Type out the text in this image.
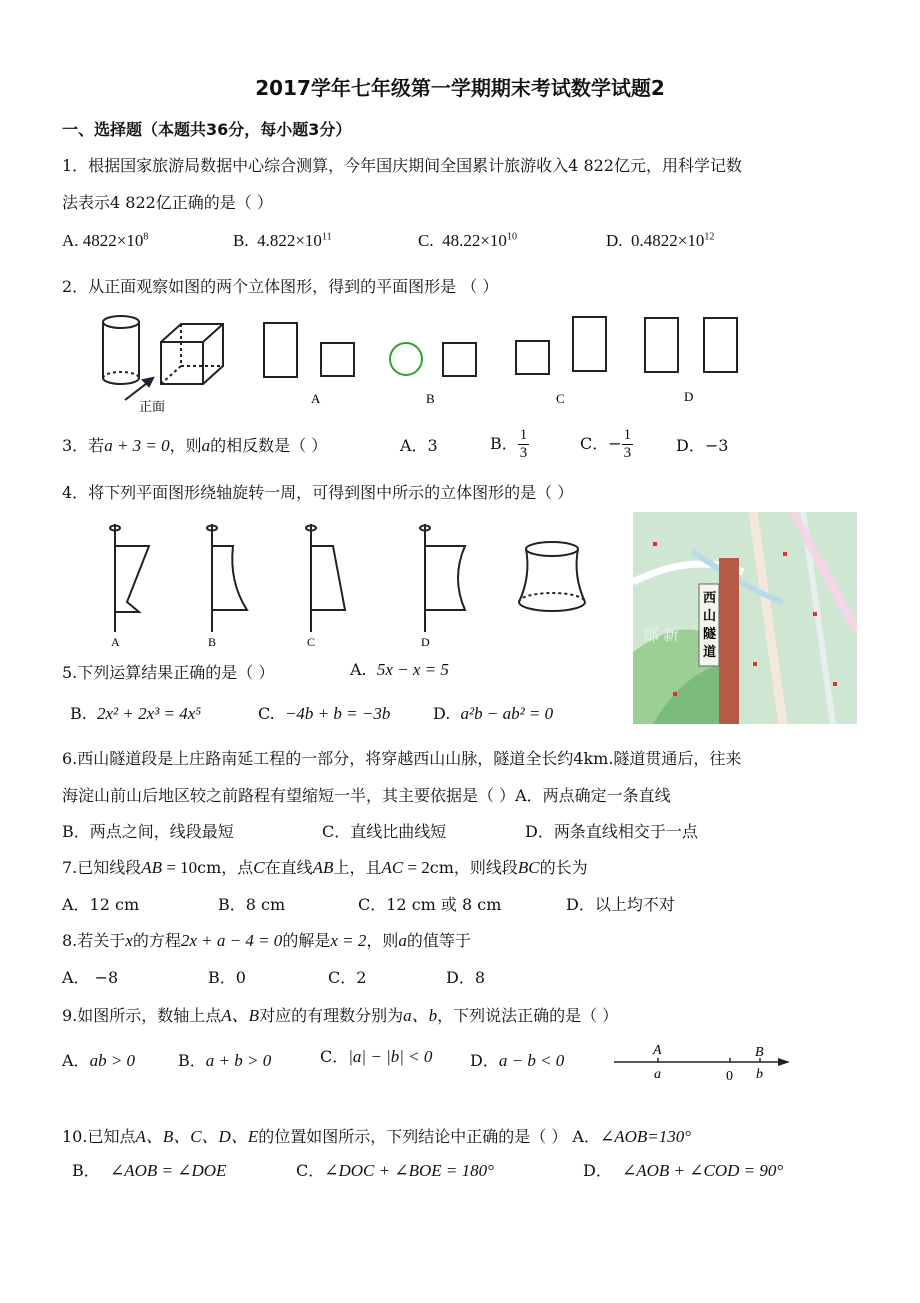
2017学年七年级第一学期期末考试数学试题2
一、选择题（本题共36分，每小题3分）
1．根据国家旅游局数据中心综合测算，今年国庆期间全国累计旅游收入4 822亿元，用科学记数
法表示4 822亿正确的是（ ）
A. $4822\times 10^8$	B. $4.822\times 10^{11}$	C. $48.22\times 10^{10}$	D. $0.4822\times 10^{12}$
2．从正面观察如图的两个立体图形，得到的平面图形是 （ ）
正面
A	B	C	D
3．若a + 3 = 0，则a的相反数是（ ）	A．3	B． $\frac{1}{3}$	C．− $\frac{1}{3}$	D．−3
4．将下列平面图形绕轴旋转一周，可得到图中所示的立体图形的是（ ）
A	B	C	D
西
山
隧
道
部 新
5.下列运算结果正确的是（ ）	A. 5x − x = 5
B. 2x² + 2x³ = 4x⁵	C. −4b + b = −3b	D. a²b − ab² = 0
6.西山隧道段是上庄路南延工程的一部分，将穿越西山山脉，隧道全长约4km.隧道贯通后，往来
海淀山前山后地区较之前路程有望缩短一半，其主要依据是（ ）A．两点确定一条直线
B．两点之间，线段最短	C．直线比曲线短	D．两条直线相交于一点
7.已知线段AB = 10cm，点C在直线AB上，且AC = 2cm，则线段BC的长为
A．12 cm	B．8 cm	C．12 cm 或 8 cm	D．以上均不对
8.若关于x的方程2x + a − 4 = 0的解是x = 2，则a的值等于
A． −8	B．0	C．2	D．8
9.如图所示，数轴上点A、B对应的有理数分别为a、b，下列说法正确的是（ ）
A．ab > 0	B．a + b > 0	C．|a| − |b| < 0 D．a − b < 0
A
a	0
B
b
10.已知点A、B、C、D、E的位置如图所示，下列结论中正确的是（ ） A．∠AOB=130°
B． ∠AOB = ∠DOE	C．∠DOC + ∠BOE = 180°	D． ∠AOB + ∠COD = 90°
